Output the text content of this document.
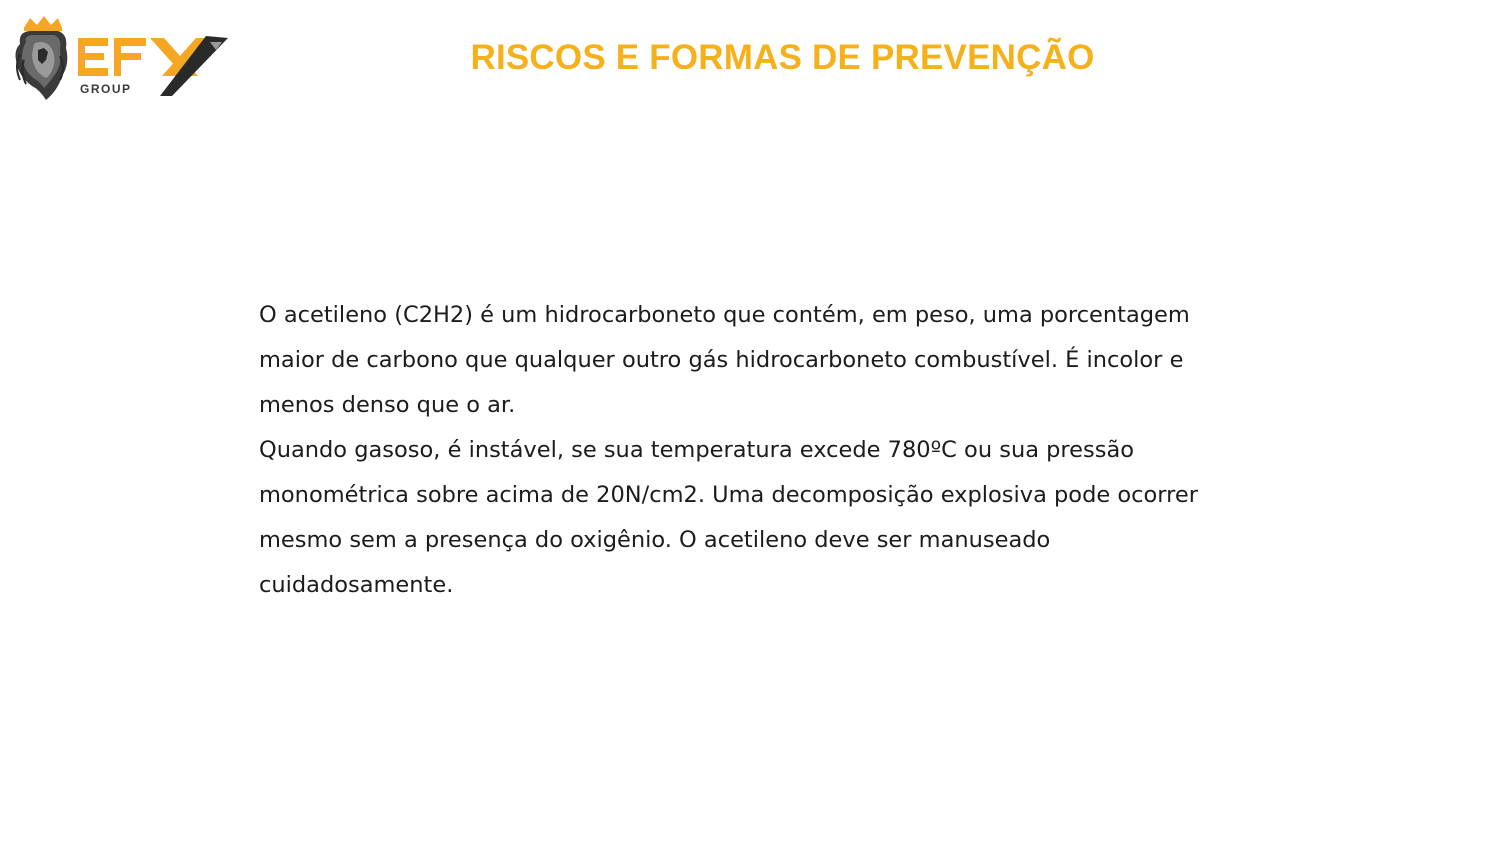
GROUP
RISCOS E FORMAS DE PREVENÇÃO

O acetileno (C2H2) é um hidrocarboneto que contém, em peso, uma porcentagem maior de carbono que qualquer outro gás hidrocarboneto combustível. É incolor e menos denso que o ar.

Quando gasoso, é instável, se sua temperatura excede 780ºC ou sua pressão monométrica sobre acima de 20N/cm2. Uma decomposição explosiva pode ocorrer mesmo sem a presença do oxigênio. O acetileno deve ser manuseado cuidadosamente.
